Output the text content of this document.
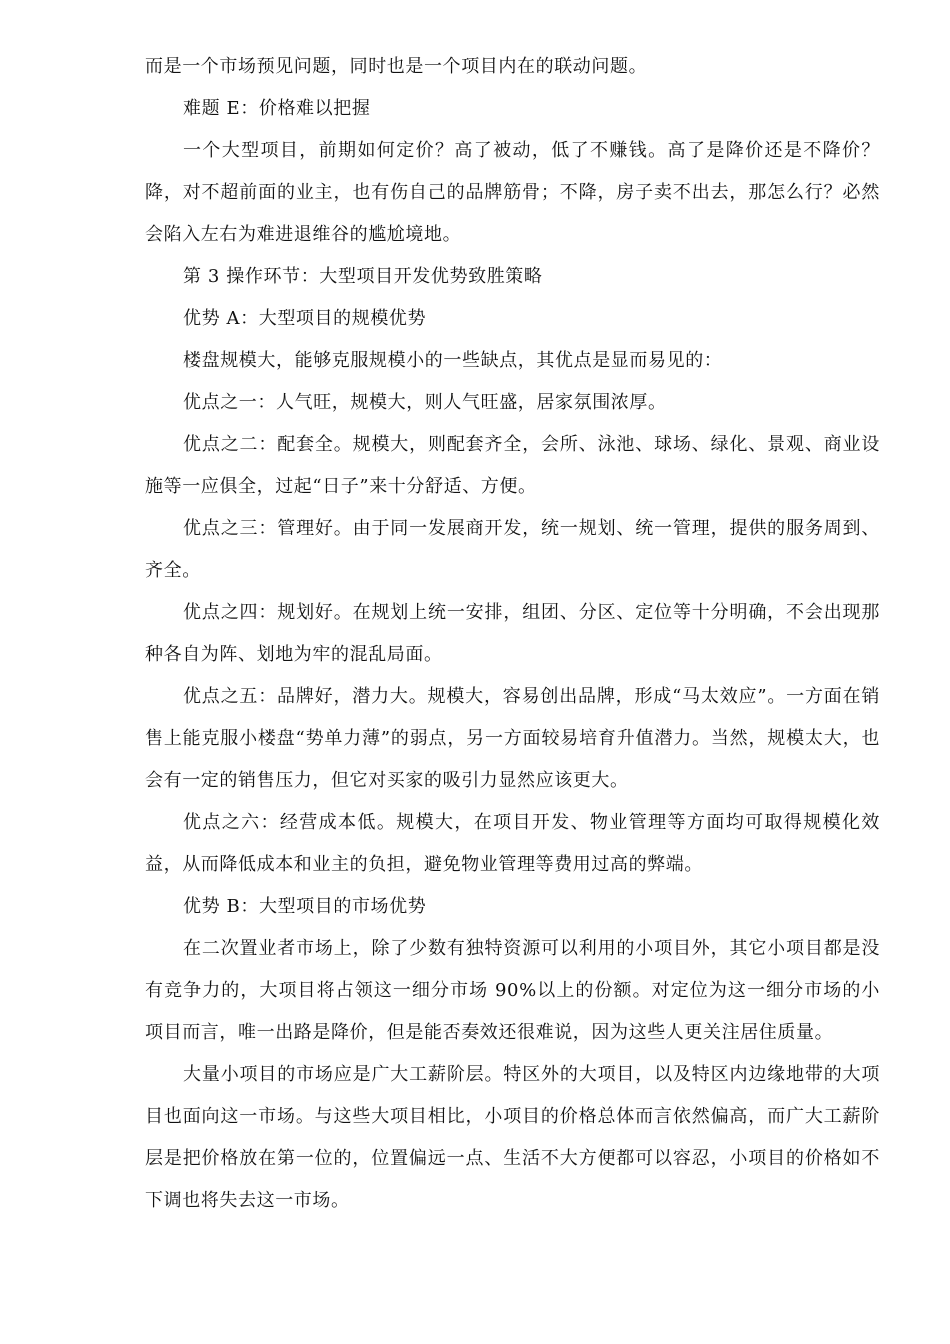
而是一个市场预见问题，同时也是一个项目内在的联动问题。

难题 E：价格难以把握

一个大型项目，前期如何定价？高了被动，低了不赚钱。高了是降价还是不降价？降，对不超前面的业主，也有伤自己的品牌筋骨；不降，房子卖不出去，那怎么行？必然会陷入左右为难进退维谷的尴尬境地。

第 3 操作环节：大型项目开发优势致胜策略

优势 A：大型项目的规模优势

楼盘规模大，能够克服规模小的一些缺点，其优点是显而易见的：

优点之一：人气旺，规模大，则人气旺盛，居家氛围浓厚。

优点之二：配套全。规模大，则配套齐全，会所、泳池、球场、绿化、景观、商业设施等一应俱全，过起“日子”来十分舒适、方便。

优点之三：管理好。由于同一发展商开发，统一规划、统一管理，提供的服务周到、齐全。

优点之四：规划好。在规划上统一安排，组团、分区、定位等十分明确，不会出现那种各自为阵、划地为牢的混乱局面。

优点之五：品牌好，潜力大。规模大，容易创出品牌，形成“马太效应”。一方面在销售上能克服小楼盘“势单力薄”的弱点，另一方面较易培育升值潜力。当然，规模太大，也会有一定的销售压力，但它对买家的吸引力显然应该更大。

优点之六：经营成本低。规模大，在项目开发、物业管理等方面均可取得规模化效益，从而降低成本和业主的负担，避免物业管理等费用过高的弊端。

优势 B：大型项目的市场优势

在二次置业者市场上，除了少数有独特资源可以利用的小项目外，其它小项目都是没有竞争力的，大项目将占领这一细分市场 90%以上的份额。对定位为这一细分市场的小项目而言，唯一出路是降价，但是能否奏效还很难说，因为这些人更关注居住质量。

大量小项目的市场应是广大工薪阶层。特区外的大项目，以及特区内边缘地带的大项目也面向这一市场。与这些大项目相比，小项目的价格总体而言依然偏高，而广大工薪阶层是把价格放在第一位的，位置偏远一点、生活不大方便都可以容忍，小项目的价格如不下调也将失去这一市场。
